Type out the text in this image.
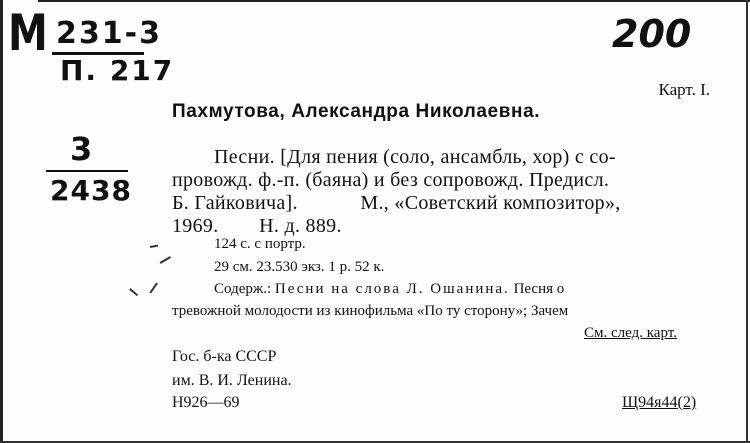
M 231-3
П. 217
200
3
2438
Карт. I.
Пахмутова, Александра Николаевна.
Песни. [Для пения (соло, ансамбль, хор) с со-
провожд. ф.-п. (баяна) и без сопровожд. Предисл.
Б. Гайковича].	М., «Советский композитор»,
1969. Н. д. 889.
124 с. с портр.
29 см. 23.530 экз. 1 р. 52 к.
Содерж.: Песни на слова Л. Ошанина. Песня о
тревожной молодости из кинофильма «По ту сторону»; Зачем
См. след. карт.
Гос. б-ка СССР
им. В. И. Ленина.
Н926—69	Щ94я44(2)
